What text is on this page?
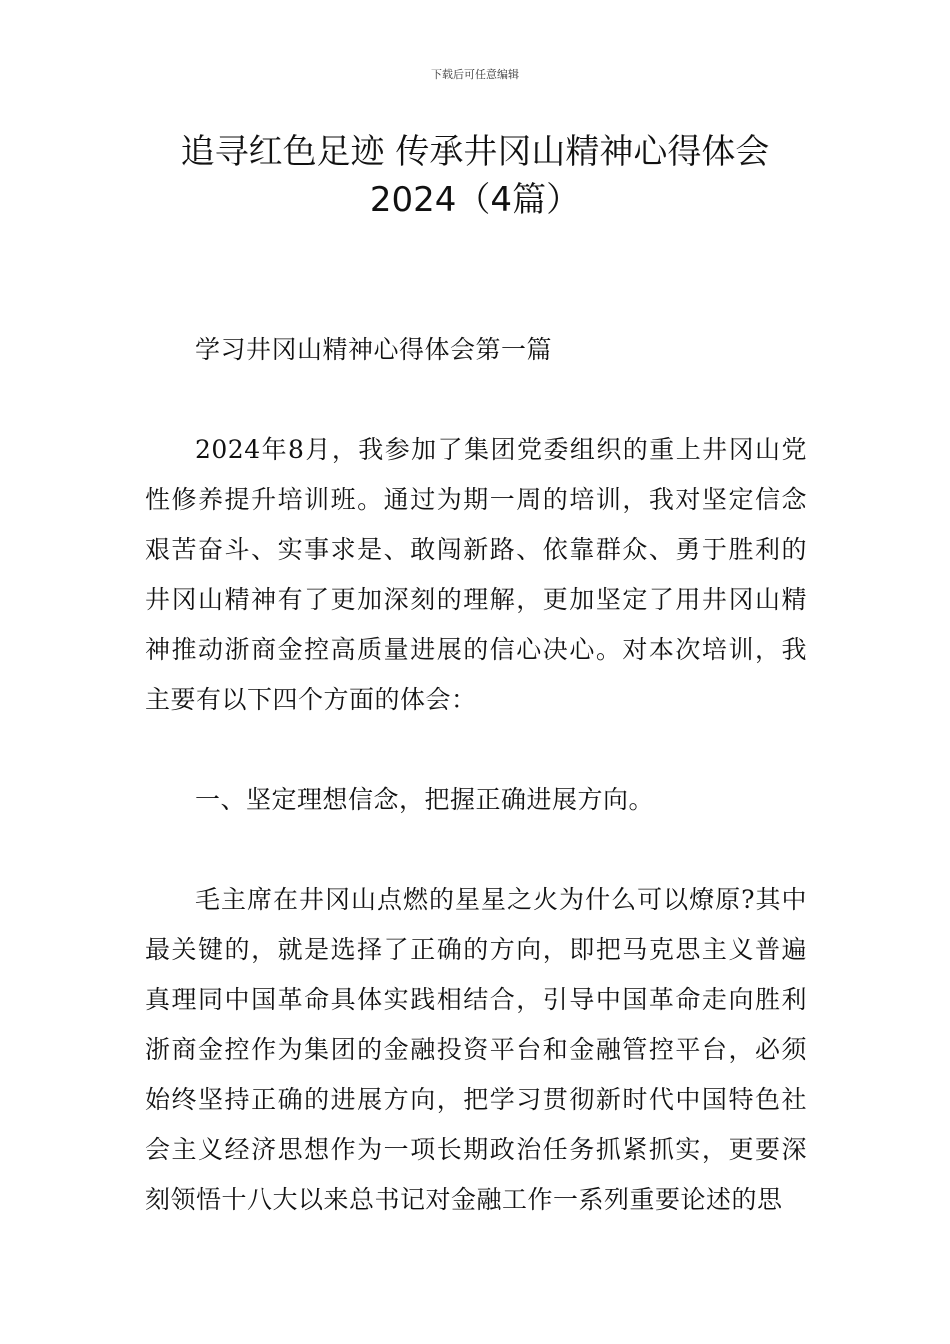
下载后可任意编辑
追寻红色足迹 传承井冈山精神心得体会
2024（4篇）

学习井冈山精神心得体会第一篇

2024年8月，我参加了集团党委组织的重上井冈山党性修养提升培训班。通过为期一周的培训，我对坚定信念艰苦奋斗、实事求是、敢闯新路、依靠群众、勇于胜利的井冈山精神有了更加深刻的理解，更加坚定了用井冈山精神推动浙商金控高质量进展的信心决心。对本次培训，我主要有以下四个方面的体会：

一、坚定理想信念，把握正确进展方向。

毛主席在井冈山点燃的星星之火为什么可以燎原?其中最关键的，就是选择了正确的方向，即把马克思主义普遍真理同中国革命具体实践相结合，引导中国革命走向胜利浙商金控作为集团的金融投资平台和金融管控平台，必须始终坚持正确的进展方向，把学习贯彻新时代中国特色社会主义经济思想作为一项长期政治任务抓紧抓实，更要深刻领悟十八大以来总书记对金融工作一系列重要论述的思
